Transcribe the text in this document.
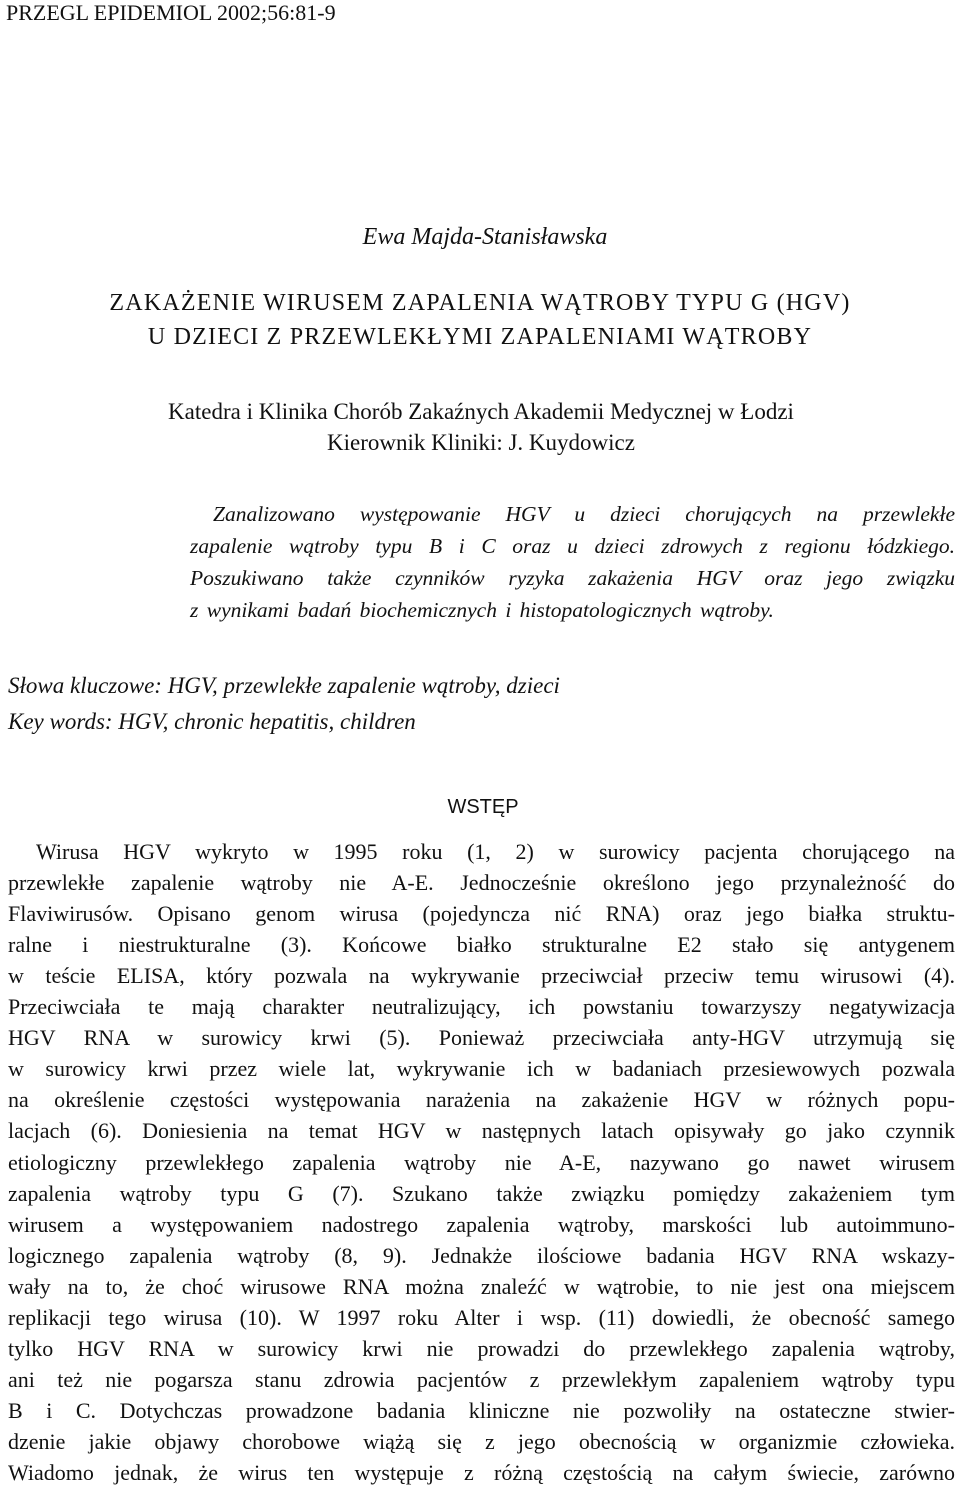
PRZEGL EPIDEMIOL 2002;56:81-9
Ewa Majda-Stanisławska
ZAKAŻENIE WIRUSEM ZAPALENIA WĄTROBY TYPU G (HGV)
U DZIECI Z PRZEWLEKŁYMI ZAPALENIAMI WĄTROBY
Katedra i Klinika Chorób Zakaźnych Akademii Medycznej w Łodzi
Kierownik Kliniki: J. Kuydowicz
Zanalizowano występowanie HGV u dzieci chorujących na przewlekłe
zapalenie wątroby typu B i C oraz u dzieci zdrowych z regionu łódzkiego.
Poszukiwano także czynników ryzyka zakażenia HGV oraz jego związku
z wynikami badań biochemicznych i histopatologicznych wątroby.
Słowa kluczowe: HGV, przewlekłe zapalenie wątroby, dzieci
Key words: HGV, chronic hepatitis, children
WSTĘP
Wirusa HGV wykryto w 1995 roku (1, 2) w surowicy pacjenta chorującego na
przewlekłe zapalenie wątroby nie A-E. Jednocześnie określono jego przynależność do
Flaviwirusów. Opisano genom wirusa (pojedyncza nić RNA) oraz jego białka struktu-
ralne i niestrukturalne (3). Końcowe białko strukturalne E2 stało się antygenem
w teście ELISA, który pozwala na wykrywanie przeciwciał przeciw temu wirusowi (4).
Przeciwciała te mają charakter neutralizujący, ich powstaniu towarzyszy negatywizacja
HGV RNA w surowicy krwi (5). Ponieważ przeciwciała anty-HGV utrzymują się
w surowicy krwi przez wiele lat, wykrywanie ich w badaniach przesiewowych pozwala
na określenie częstości występowania narażenia na zakażenie HGV w różnych popu-
lacjach (6). Doniesienia na temat HGV w następnych latach opisywały go jako czynnik
etiologiczny przewlekłego zapalenia wątroby nie A-E, nazywano go nawet wirusem
zapalenia wątroby typu G (7). Szukano także związku pomiędzy zakażeniem tym
wirusem a występowaniem nadostrego zapalenia wątroby, marskości lub autoimmuno-
logicznego zapalenia wątroby (8, 9). Jednakże ilościowe badania HGV RNA wskazy-
wały na to, że choć wirusowe RNA można znaleźć w wątrobie, to nie jest ona miejscem
replikacji tego wirusa (10). W 1997 roku Alter i wsp. (11) dowiedli, że obecność samego
tylko HGV RNA w surowicy krwi nie prowadzi do przewlekłego zapalenia wątroby,
ani też nie pogarsza stanu zdrowia pacjentów z przewlekłym zapaleniem wątroby typu
B i C. Dotychczas prowadzone badania kliniczne nie pozwoliły na ostateczne stwier-
dzenie jakie objawy chorobowe wiążą się z jego obecnością w organizmie człowieka.
Wiadomo jednak, że wirus ten występuje z różną częstością na całym świecie, zarówno
